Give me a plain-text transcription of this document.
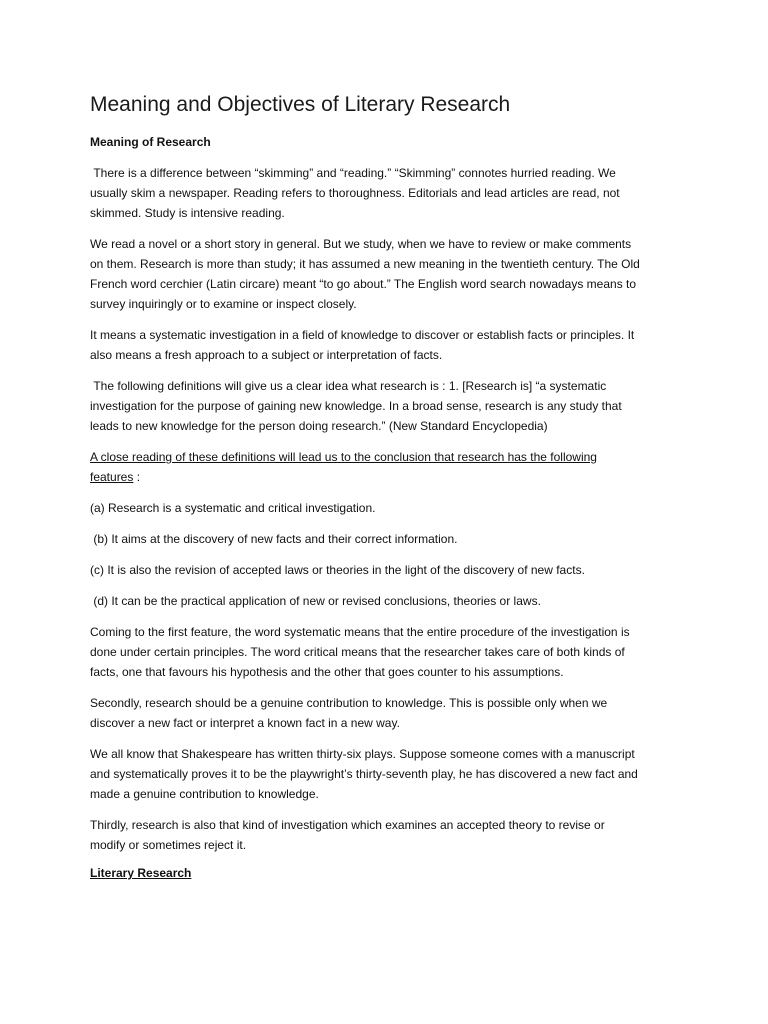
Meaning and Objectives of Literary Research
Meaning of Research

There is a difference between “skimming” and “reading.” “Skimming” connotes hurried reading. We usually skim a newspaper. Reading refers to thoroughness. Editorials and lead articles are read, not skimmed. Study is intensive reading.

We read a novel or a short story in general. But we study, when we have to review or make comments on them. Research is more than study; it has assumed a new meaning in the twentieth century. The Old French word cerchier (Latin circare) meant “to go about.” The English word search nowadays means to survey inquiringly or to examine or inspect closely.

It means a systematic investigation in a field of knowledge to discover or establish facts or principles. It also means a fresh approach to a subject or interpretation of facts.

The following definitions will give us a clear idea what research is : 1. [Research is] “a systematic investigation for the purpose of gaining new knowledge. In a broad sense, research is any study that leads to new knowledge for the person doing research.” (New Standard Encyclopedia)

A close reading of these definitions will lead us to the conclusion that research has the following features :

(a) Research is a systematic and critical investigation.

(b) It aims at the discovery of new facts and their correct information.

(c) It is also the revision of accepted laws or theories in the light of the discovery of new facts.

(d) It can be the practical application of new or revised conclusions, theories or laws.

Coming to the first feature, the word systematic means that the entire procedure of the investigation is done under certain principles. The word critical means that the researcher takes care of both kinds of facts, one that favours his hypothesis and the other that goes counter to his assumptions.

Secondly, research should be a genuine contribution to knowledge. This is possible only when we discover a new fact or interpret a known fact in a new way.

We all know that Shakespeare has written thirty-six plays. Suppose someone comes with a manuscript and systematically proves it to be the playwright’s thirty-seventh play, he has discovered a new fact and made a genuine contribution to knowledge.

Thirdly, research is also that kind of investigation which examines an accepted theory to revise or modify or sometimes reject it.

Literary Research
